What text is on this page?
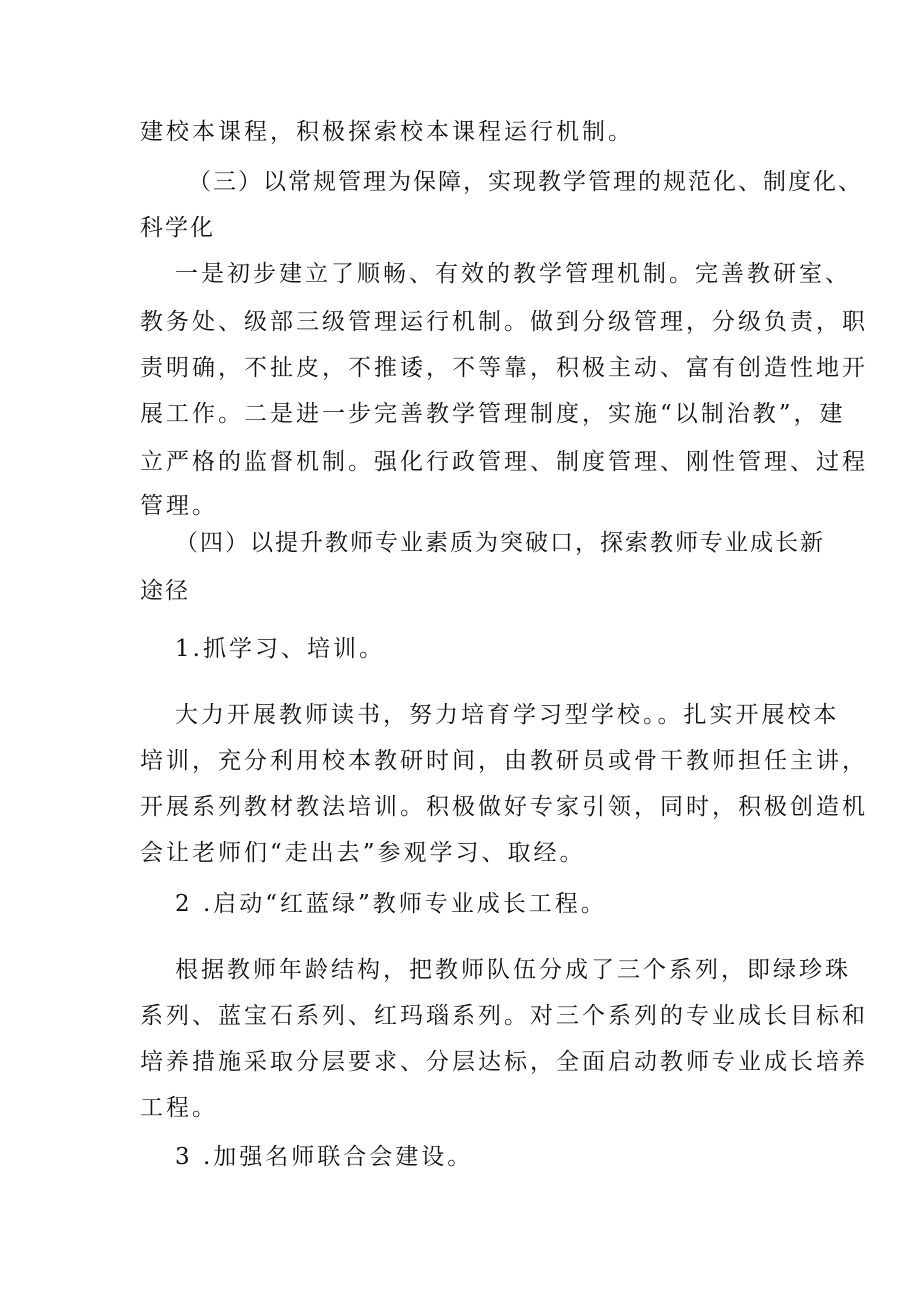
建校本课程，积极探索校本课程运行机制。
（三）以常规管理为保障，实现教学管理的规范化、制度化、
科学化
一是初步建立了顺畅、有效的教学管理机制。完善教研室、
教务处、级部三级管理运行机制。做到分级管理，分级负责，职
责明确，不扯皮，不推诿，不等靠，积极主动、富有创造性地开
展工作。二是进一步完善教学管理制度，实施“以制治教”，建
立严格的监督机制。强化行政管理、制度管理、刚性管理、过程
管理。
（四）以提升教师专业素质为突破口，探索教师专业成长新
途径
1.抓学习、培训。
大力开展教师读书，努力培育学习型学校。。扎实开展校本
培训，充分利用校本教研时间，由教研员或骨干教师担任主讲，
开展系列教材教法培训。积极做好专家引领，同时，积极创造机
会让老师们“走出去”参观学习、取经。
2 .启动“红蓝绿”教师专业成长工程。
根据教师年龄结构，把教师队伍分成了三个系列，即绿珍珠
系列、蓝宝石系列、红玛瑙系列。对三个系列的专业成长目标和
培养措施采取分层要求、分层达标，全面启动教师专业成长培养
工程。
3 .加强名师联合会建设。
